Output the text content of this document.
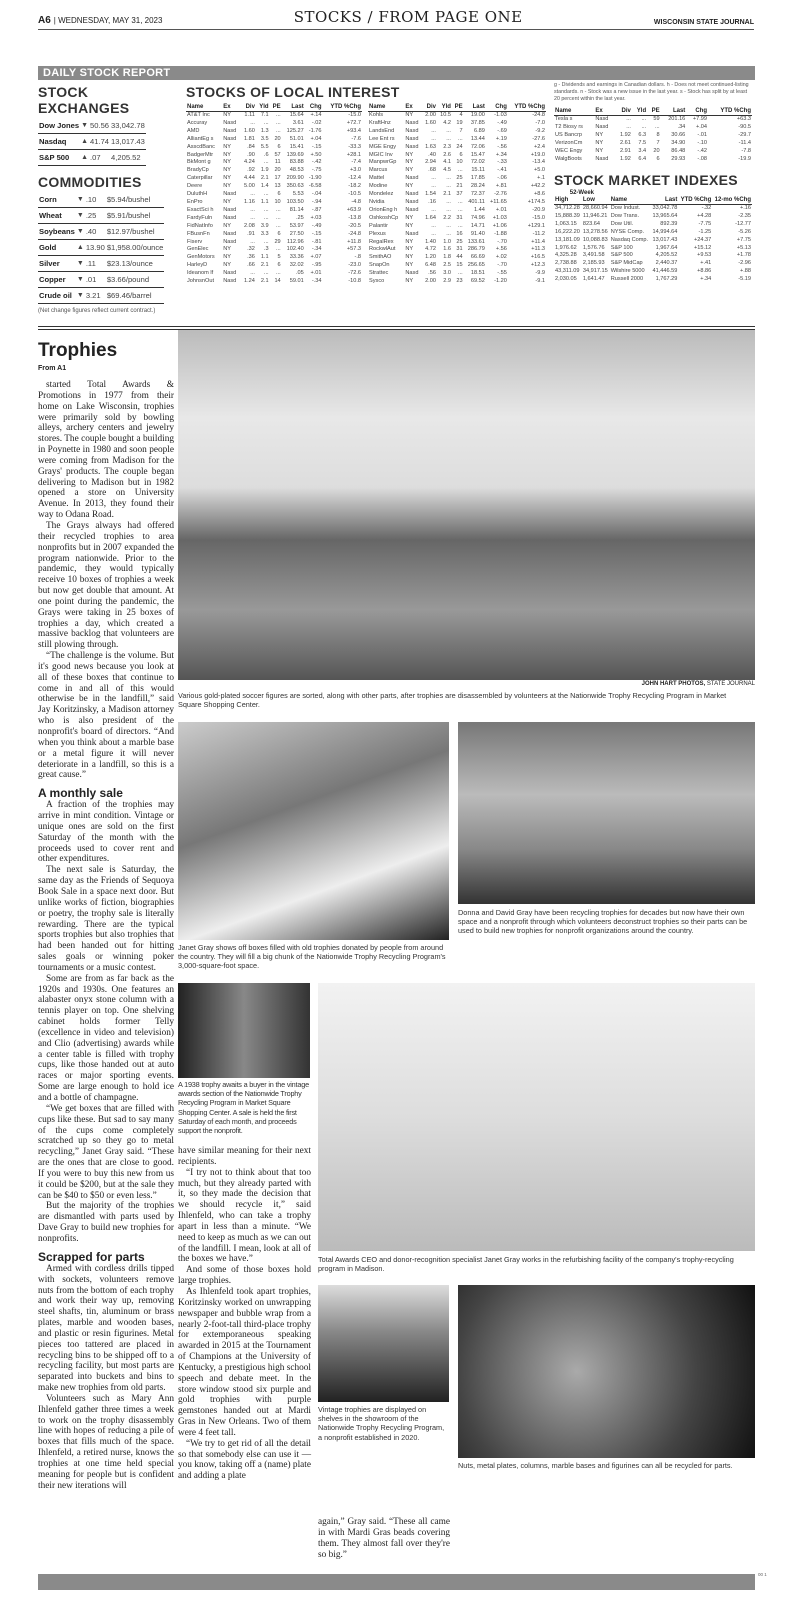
A6 | WEDNESDAY, MAY 31, 2023	STOCKS / FROM PAGE ONE	WISCONSIN STATE JOURNAL
DAILY STOCK REPORT
STOCK EXCHANGES
Dow Jones	▼	50.56	33,042.78
Nasdaq	▲	41.74	13,017.43
S&P 500	▲	.07	4,205.52
COMMODITIES
Corn	▼	.10	$5.94/bushel
Wheat	▼	.25	$5.91/bushel
Soybeans	▼	.40	$12.97/bushel
Gold	▲	13.90	$1,958.00/ounce
Silver	▼	.11	$23.13/ounce
Copper	▼	.01	$3.66/pound
Crude oil	▼	3.21	$69.46/barrel
(Net change figures reflect current contract.)
STOCKS OF LOCAL INTEREST
Name	Ex	Div	Yld	PE	Last	Chg	YTD %Chg
AT&T Inc	NY	1.11	7.1	...	15.64	+.14	-15.0
Accuray	Nasd	...	...	...	3.61	-.02	+72.7
AMD	Nasd	1.60	1.3	...	125.27	-1.76	+93.4
AlliantEg s	Nasd	1.81	3.5	20	51.01	+.04	-7.6
AsscdBanc	NY	.84	5.5	6	15.41	-.15	-33.3
BadgerMtr	NY	.90	.6	57	139.69	+.50	+28.1
BkMont g	NY	4.24	...	11	83.88	-.42	-7.4
BradyCp	NY	.92	1.9	20	48.53	-.75	+3.0
Caterpillar	NY	4.44	2.1	17	209.90	-1.90	-12.4
Deere	NY	5.00	1.4	13	350.63	-6.58	-18.2
DuluthH	Nasd	...	...	6	5.53	-.04	-10.5
EnPro	NY	1.16	1.1	10	103.50	-.94	-4.8
ExactSci h	Nasd	...	...	...	81.14	-.87	+63.9
FardyFuln	Nasd	...	...	...	.25	+.03	-13.8
FidNatInfo	NY	2.08	3.9	...	53.97	-.49	-20.5
FBusnFn	Nasd	.91	3.3	6	27.50	-.15	-24.8
Fiserv	Nasd	...	...	29	112.96	-.81	+11.8
GenElec	NY	.32	.3	...	102.40	-.34	+57.3
GenMotors	NY	.36	1.1	5	33.36	+.07	-.8
HarleyD	NY	.66	2.1	6	32.02	-.95	-23.0
Ideanom lf	Nasd	...	...	...	.05	+.01	-72.6
JohnsnOut	Nasd	1.24	2.1	14	59.01	-.34	-10.8
Name	Ex	Div	Yld	PE	Last	Chg	YTD %Chg
Kohls	NY	2.00	10.5	4	19.00	-1.03	-24.8
KraftHnz	Nasd	1.60	4.2	19	37.85	-.49	-7.0
LandsEnd	Nasd	...	...	7	6.89	-.69	-9.2
Lee Ent rs	Nasd	...	...	...	13.44	+.19	-27.6
MGE Engy	Nasd	1.63	2.3	24	72.06	-.56	+2.4
MGIC Inv	NY	.40	2.6	6	15.47	+.34	+19.0
ManpwrGp	NY	2.94	4.1	10	72.02	-.33	-13.4
Marcus	NY	.68	4.5	...	15.11	-.41	+5.0
Mattel	Nasd	...	...	25	17.85	-.06	+.1
Modine	NY	...	...	21	28.24	+.81	+42.2
Mondelez	Nasd	1.54	2.1	37	72.37	-2.76	+8.6
Nvidia	Nasd	.16	...	...	401.11	+11.65	+174.5
OrionEng h	Nasd	...	...	...	1.44	+.01	-20.9
OshkoshCp	NY	1.64	2.2	31	74.96	+1.03	-15.0
Palantir	NY	...	...	...	14.71	+1.06	+129.1
Plexus	Nasd	...	...	16	91.40	-1.88	-11.2
RegalRex	NY	1.40	1.0	25	133.61	-.70	+11.4
RockwlAut	NY	4.72	1.6	31	286.79	+.56	+11.3
SmithAO	NY	1.20	1.8	44	66.69	+.02	+16.5
SnapOn	NY	6.48	2.5	15	256.65	-.70	+12.3
Strattec	Nasd	.56	3.0	...	18.51	-.55	-9.9
Sysco	NY	2.00	2.9	23	69.52	-1.20	-9.1
g - Dividends and earnings in Canadian dollars. h - Does not meet continued-listing standards. n - Stock was a new issue in the last year. s - Stock has split by at least 20 percent within the last year.
Name	Ex	Div	Yld	PE	Last	Chg	YTD %Chg
Tesla s	Nasd	...	...	59	201.16	+7.99	+63.3
T2 Biosy rs	Nasd	...	...	...	.34	+.04	-90.5
US Bancrp	NY	1.92	6.3	8	30.66	-.01	-29.7
VerizonCm	NY	2.61	7.5	7	34.90	-.10	-11.4
WEC Engy	NY	2.91	3.4	20	86.48	-.42	-7.8
WalgBoots	Nasd	1.92	6.4	6	29.93	-.08	-19.9
STOCK MARKET INDEXES
52-Week					
High	Low	Name	Last	YTD %Chg	12-mo %Chg
34,712.28	28,660.94	Dow Indust.	33,042.78	-.32	+.16
15,888.39	11,946.21	Dow Trans.	13,965.64	+4.28	-2.35
1,063.15	823.64	Dow Util.	892.39	-7.75	-12.77
16,222.20	13,278.56	NYSE Comp.	14,994.64	-1.25	-5.26
13,181.09	10,088.83	Nasdaq Comp.	13,017.43	+24.37	+7.75
1,976.62	1,576.76	S&P 100	1,967.64	+15.12	+5.13
4,325.28	3,491.58	S&P 500	4,205.52	+9.53	+1.78
2,738.88	2,185.93	S&P MidCap	2,440.37	+.41	-2.96
43,311.09	34,917.15	Wilshire 5000	41,446.59	+8.86	+.88
2,030.05	1,641.47	Russell 2000	1,767.29	+.34	-5.19
Trophies
From A1

started Total Awards & Promotions in 1977 from their home on Lake Wisconsin, trophies were primarily sold by bowling alleys, archery centers and jewelry stores. The couple bought a building in Poynette in 1980 and soon people were coming from Madison for the Grays' products. The couple began delivering to Madison but in 1982 opened a store on University Avenue. In 2013, they found their way to Odana Road.

The Grays always had offered their recycled trophies to area nonprofits but in 2007 expanded the program nationwide. Prior to the pandemic, they would typically receive 10 boxes of trophies a week but now get double that amount. At one point during the pandemic, the Grays were taking in 25 boxes of trophies a day, which created a massive backlog that volunteers are still plowing through.

“The challenge is the volume. But it's good news because you look at all of these boxes that continue to come in and all of this would otherwise be in the landfill,” said Jay Koritzinsky, a Madison attorney who is also president of the nonprofit's board of directors. “And when you think about a marble base or a metal figure it will never deteriorate in a landfill, so this is a great cause.”

A monthly sale

A fraction of the trophies may arrive in mint condition. Vintage or unique ones are sold on the first Saturday of the month with the proceeds used to cover rent and other expenditures.

The next sale is Saturday, the same day as the Friends of Sequoya Book Sale in a space next door. But unlike works of fiction, biographies or poetry, the trophy sale is literally rewarding. There are the typical sports trophies but also trophies that had been handed out for hitting sales goals or winning poker tournaments or a music contest.

Some are from as far back as the 1920s and 1930s. One features an alabaster onyx stone column with a tennis player on top. One shelving cabinet holds former Telly (excellence in video and television) and Clio (advertising) awards while a center table is filled with trophy cups, like those handed out at auto races or major sporting events. Some are large enough to hold ice and a bottle of champagne.

“We get boxes that are filled with cups like these. But sad to say many of the cups come completely scratched up so they go to metal recycling,” Janet Gray said. “These are the ones that are close to good. If you were to buy this new from us it could be $200, but at the sale they can be $40 to $50 or even less.”

But the majority of the trophies are dismantled with parts used by Dave Gray to build new trophies for nonprofits.

Scrapped for parts

Armed with cordless drills tipped with sockets, volunteers remove nuts from the bottom of each trophy and work their way up, removing steel shafts, tin, aluminum or brass plates, marble and wooden bases, and plastic or resin figurines. Metal pieces too tattered are placed in recycling bins to be shipped off to a recycling facility, but most parts are separated into buckets and bins to make new trophies from old parts.

Volunteers such as Mary Ann Ihlenfeld gather three times a week to work on the trophy disassembly line with hopes of reducing a pile of boxes that fills much of the space. Ihlenfeld, a retired nurse, knows the trophies at one time held special meaning for people but is confident their new iterations will

have similar meaning for their next recipients.

“I try not to think about that too much, but they already parted with it, so they made the decision that we should recycle it,” said Ihlenfeld, who can take a trophy apart in less than a minute. “We need to keep as much as we can out of the landfill. I mean, look at all of the boxes we have.”

And some of those boxes hold large trophies.

As Ihlenfeld took apart trophies, Koritzinsky worked on unwrapping newspaper and bubble wrap from a nearly 2-foot-tall third-place trophy for extemporaneous speaking awarded in 2015 at the Tournament of Champions at the University of Kentucky, a prestigious high school speech and debate meet. In the store window stood six purple and gold trophies with purple gemstones handed out at Mardi Gras in New Orleans. Two of them were 4 feet tall.

“We try to get rid of all the detail so that somebody else can use it — you know, taking off a (name) plate and adding a plate

again,” Gray said. “These all came in with Mardi Gras beads covering them. They almost fall over they're so big.”

JOHN HART PHOTOS, STATE JOURNAL
Various gold-plated soccer figures are sorted, along with other parts, after trophies are disassembled by volunteers at the Nationwide Trophy Recycling Program in Market Square Shopping Center.
Janet Gray shows off boxes filled with old trophies donated by people from around the country. They will fill a big chunk of the Nationwide Trophy Recycling Program's 3,000-square-foot space.
Donna and David Gray have been recycling trophies for decades but now have their own space and a nonprofit through which volunteers deconstruct trophies so their parts can be used to build new trophies for nonprofit organizations around the country.
A 1938 trophy awaits a buyer in the vintage awards section of the Nationwide Trophy Recycling Program in Market Square Shopping Center. A sale is held the first Saturday of each month, and proceeds support the nonprofit.
Total Awards CEO and donor-recognition specialist Janet Gray works in the refurbishing facility of the company's trophy-recycling program in Madison.
Vintage trophies are displayed on shelves in the showroom of the Nationwide Trophy Recycling Program, a nonprofit established in 2020.
Nuts, metal plates, columns, marble bases and figurines can all be recycled for parts.
00 1
